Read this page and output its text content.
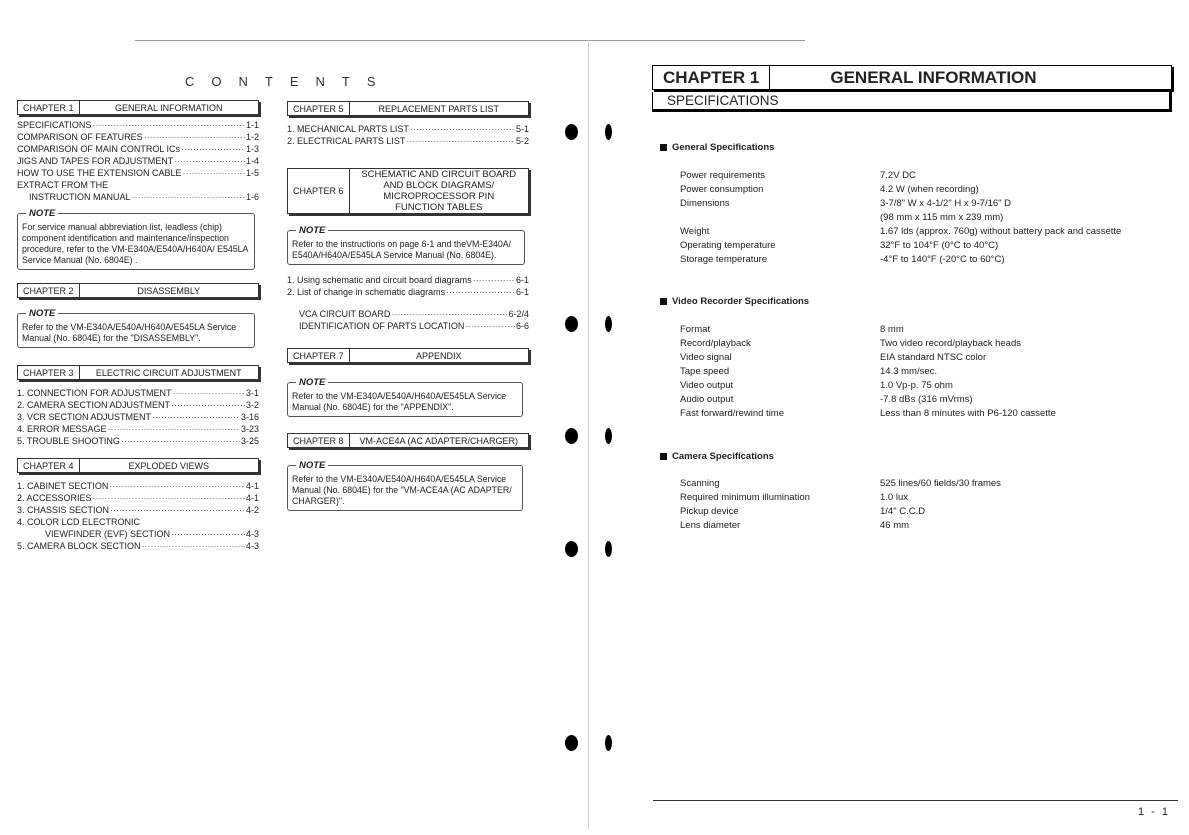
CONTENTS
CHAPTER 1	GENERAL INFORMATION
SPECIFICATIONS ·····	1-1
COMPARISON OF FEATURES ·····	1-2
COMPARISON OF MAIN CONTROL ICs ·····	1-3
JIGS AND TAPES FOR ADJUSTMENT ·····	1-4
HOW TO USE THE EXTENSION CABLE ·····	1-5
EXTRACT FROM THE
INSTRUCTION MANUAL ·····	1-6
NOTE
For service manual abbreviation list, leadless (chip) component identification and maintenance/inspection procedure, refer to the VM-E340A/E540A/H640A/ E545LA Service Manual (No. 6804E) .
CHAPTER 2	DISASSEMBLY
NOTE
Refer to the VM-E340A/E540A/H640A/E545LA Service Manual (No. 6804E) for the "DISASSEMBLY".
CHAPTER 3	ELECTRIC CIRCUIT ADJUSTMENT
1. CONNECTION FOR ADJUSTMENT ·····	3-1
2. CAMERA SECTION ADJUSTMENT ·····	3-2
3. VCR SECTION ADJUSTMENT ·····	3-16
4. ERROR MESSAGE ·····	3-23
5. TROUBLE SHOOTING ·····	3-25
CHAPTER 4	EXPLODED VIEWS
1. CABINET SECTION ·····	4-1
2. ACCESSORIES ·····	4-1
3. CHASSIS SECTION ·····	4-2
4. COLOR LCD ELECTRONIC
VIEWFINDER (EVF) SECTION ·····	4-3
5. CAMERA BLOCK SECTION ·····	4-3
CHAPTER 5	REPLACEMENT PARTS LIST
1. MECHANICAL PARTS LIST ·····	5-1
2. ELECTRICAL PARTS LIST ·····	5-2
CHAPTER 6
SCHEMATIC AND CIRCUIT BOARD
AND BLOCK DIAGRAMS/
MICROPROCESSOR PIN
FUNCTION TABLES
NOTE
Refer to the instructions on page 6-1 and theVM-E340A/ E540A/H640A/E545LA Service Manual (No. 6804E).
1. Using schematic and circuit board diagrams ·····	6-1
2. List of change in schematic diagrams ·····	6-1
VCA CIRCUIT BOARD ·····	6-2/4
IDENTIFICATION OF PARTS LOCATION ·····	6-6
CHAPTER 7	APPENDIX
NOTE
Refer to the VM-E340A/E540A/H640A/E545LA Service Manual (No. 6804E) for the "APPENDIX".
CHAPTER 8	VM-ACE4A (AC ADAPTER/CHARGER)
NOTE
Refer to the VM-E340A/E540A/H640A/E545LA Service Manual (No. 6804E) for the "VM-ACE4A (AC ADAPTER/ CHARGER)".
CHAPTER 1	GENERAL INFORMATION
SPECIFICATIONS
General Specifications
Power requirements	7.2V DC
Power consumption	4.2 W (when recording)
Dimensions	3-7/8" W x 4-1/2" H x 9-7/16" D
(98 mm x 115 mm x 239 mm)
Weight	1.67 lds (approx. 760g) without battery pack and cassette
Operating temperature	32°F to 104°F (0°C to 40°C)
Storage temperature	-4°F to 140°F (-20°C to 60°C)
Video Recorder Specifications
Format	8 mm
Record/playback	Two video record/playback heads
Video signal	EIA standard NTSC color
Tape speed	14.3 mm/sec.
Video output	1.0 Vp-p. 75 ohm
Audio output	-7.8 dBs (316 mVrms)
Fast forward/rewind time	Less than 8 minutes with P6-120 cassette
Camera Specifications
Scanning	525 lines/60 fields/30 frames
Required minimum illumination	1.0 lux
Pickup device	1/4" C.C.D
Lens diameter	46 mm
1 - 1
